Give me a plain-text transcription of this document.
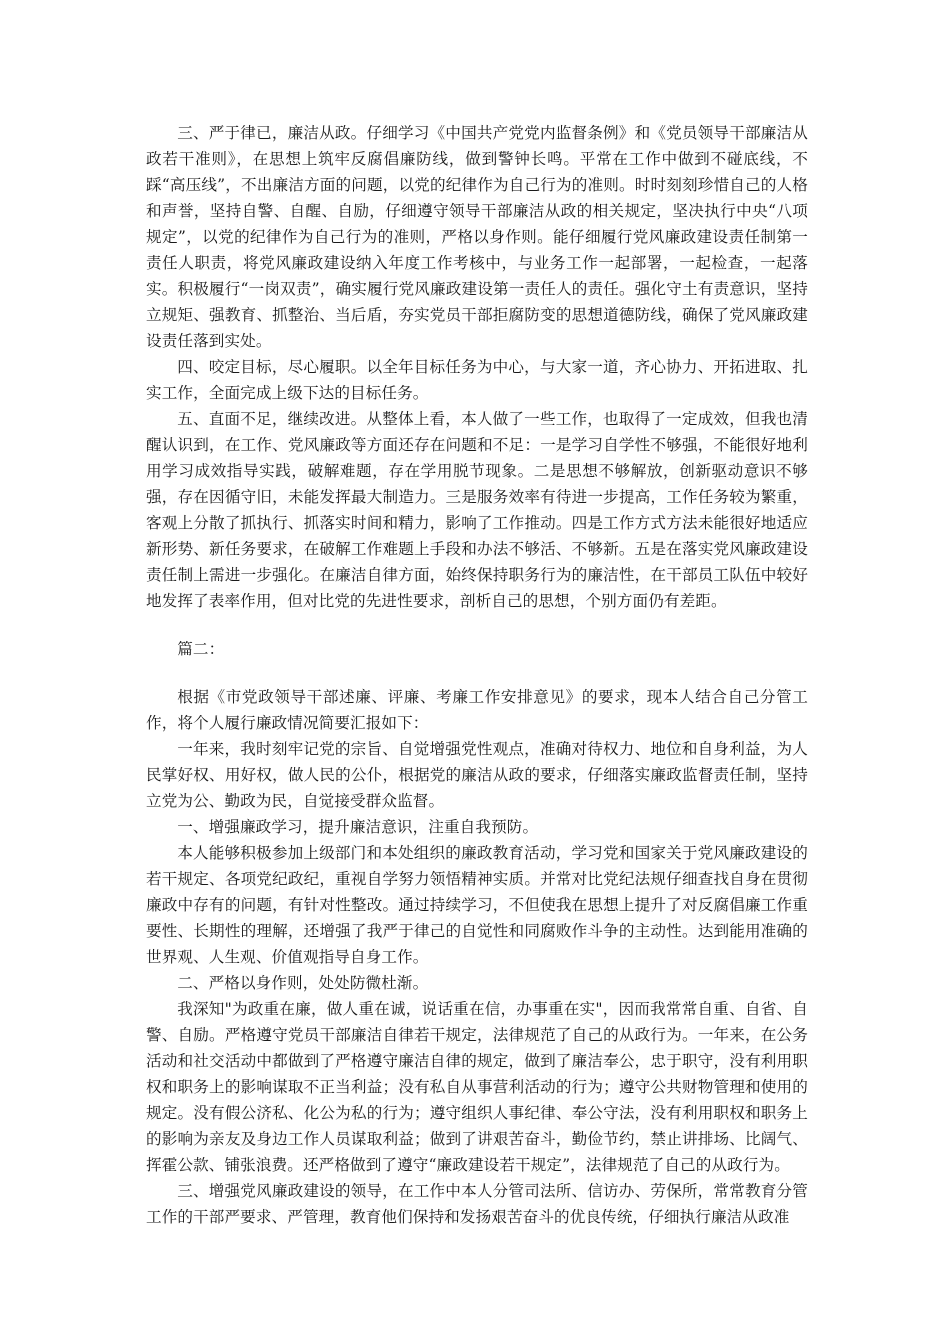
三、严于律已，廉洁从政。仔细学习《中国共产党党内监督条例》和《党员领导干部廉洁从政若干准则》，在思想上筑牢反腐倡廉防线，做到警钟长鸣。平常在工作中做到不碰底线，不踩“高压线”，不出廉洁方面的问题，以党的纪律作为自己行为的准则。时时刻刻珍惜自己的人格和声誉，坚持自警、自醒、自励，仔细遵守领导干部廉洁从政的相关规定，坚决执行中央“八项规定”，以党的纪律作为自己行为的准则，严格以身作则。能仔细履行党风廉政建设责任制第一责任人职责，将党风廉政建设纳入年度工作考核中，与业务工作一起部署，一起检查，一起落实。积极履行“一岗双责”，确实履行党风廉政建设第一责任人的责任。强化守土有责意识，坚持立规矩、强教育、抓整治、当后盾，夯实党员干部拒腐防变的思想道德防线，确保了党风廉政建设责任落到实处。

四、咬定目标，尽心履职。以全年目标任务为中心，与大家一道，齐心协力、开拓进取、扎实工作，全面完成上级下达的目标任务。

五、直面不足，继续改进。从整体上看，本人做了一些工作，也取得了一定成效，但我也清醒认识到，在工作、党风廉政等方面还存在问题和不足：一是学习自学性不够强，不能很好地利用学习成效指导实践，破解难题，存在学用脱节现象。二是思想不够解放，创新驱动意识不够强，存在因循守旧，未能发挥最大制造力。三是服务效率有待进一步提高，工作任务较为繁重，客观上分散了抓执行、抓落实时间和精力，影响了工作推动。四是工作方式方法未能很好地适应新形势、新任务要求，在破解工作难题上手段和办法不够活、不够新。五是在落实党风廉政建设责任制上需进一步强化。在廉洁自律方面，始终保持职务行为的廉洁性，在干部员工队伍中较好地发挥了表率作用，但对比党的先进性要求，剖析自己的思想，个别方面仍有差距。

篇二：

根据《市党政领导干部述廉、评廉、考廉工作安排意见》的要求，现本人结合自己分管工作，将个人履行廉政情况简要汇报如下：

一年来，我时刻牢记党的宗旨、自觉增强党性观点，准确对待权力、地位和自身利益，为人民掌好权、用好权，做人民的公仆，根据党的廉洁从政的要求，仔细落实廉政监督责任制，坚持立党为公、勤政为民，自觉接受群众监督。

一、增强廉政学习，提升廉洁意识，注重自我预防。

本人能够积极参加上级部门和本处组织的廉政教育活动，学习党和国家关于党风廉政建设的若干规定、各项党纪政纪，重视自学努力领悟精神实质。并常对比党纪法规仔细查找自身在贯彻廉政中存有的问题，有针对性整改。通过持续学习，不但使我在思想上提升了对反腐倡廉工作重要性、长期性的理解，还增强了我严于律己的自觉性和同腐败作斗争的主动性。达到能用准确的世界观、人生观、价值观指导自身工作。

二、严格以身作则，处处防微杜渐。

我深知"为政重在廉，做人重在诚，说话重在信，办事重在实"，因而我常常自重、自省、自警、自励。严格遵守党员干部廉洁自律若干规定，法律规范了自己的从政行为。一年来，在公务活动和社交活动中都做到了严格遵守廉洁自律的规定，做到了廉洁奉公，忠于职守，没有利用职权和职务上的影响谋取不正当利益；没有私自从事营利活动的行为；遵守公共财物管理和使用的规定。没有假公济私、化公为私的行为；遵守组织人事纪律、奉公守法，没有利用职权和职务上的影响为亲友及身边工作人员谋取利益；做到了讲艰苦奋斗，勤俭节约，禁止讲排场、比阔气、挥霍公款、铺张浪费。还严格做到了遵守“廉政建设若干规定”，法律规范了自己的从政行为。

三、增强党风廉政建设的领导，在工作中本人分管司法所、信访办、劳保所，常常教育分管工作的干部严要求、严管理，教育他们保持和发扬艰苦奋斗的优良传统，仔细执行廉洁从政准
